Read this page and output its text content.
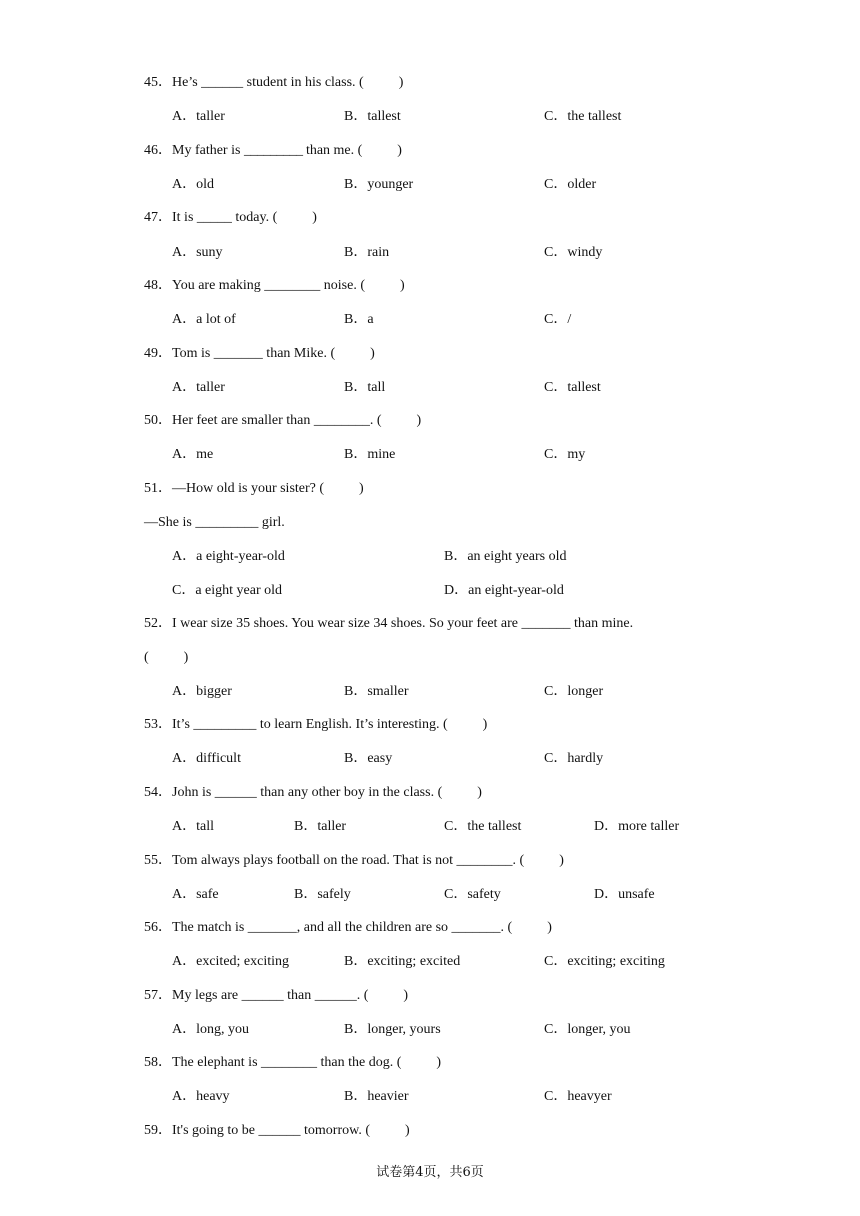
45．He’s ______ student in his class. (          )
A．taller	B．tallest	C．the tallest
46．My father is _________ than me. (          )
A．old	B．younger	C．older
47．It is _____ today. (          )
A．suny	B．rain	C．windy
48．You are making ________ noise. (          )
A．a lot of	B．a	C．/
49．Tom is _______ than Mike. (          )
A．taller	B．tall	C．tallest
50．Her feet are smaller than ________. (          )
A．me	B．mine	C．my
51．—How old is your sister? (          )
—She is _________ girl.
A．a eight-year-old	B．an eight years old
C．a eight year old	D．an eight-year-old
52．I wear size 35 shoes. You wear size 34 shoes. So your feet are _______ than mine.
(          )
A．bigger	B．smaller	C．longer
53．It’s _________ to learn English. It’s interesting. (          )
A．difficult	B．easy	C．hardly
54．John is ______ than any other boy in the class. (          )
A．tall	B．taller	C．the tallest	D．more taller
55．Tom always plays football on the road. That is not ________. (          )
A．safe	B．safely	C．safety	D．unsafe
56．The match is _______, and all the children are so _______. (          )
A．excited; exciting	B．exciting; excited	C．exciting; exciting
57．My legs are ______ than ______. (          )
A．long, you	B．longer, yours	C．longer, you
58．The elephant is ________ than the dog. (          )
A．heavy	B．heavier	C．heavyer
59．It's going to be ______ tomorrow. (          )
试卷第4页，共6页
